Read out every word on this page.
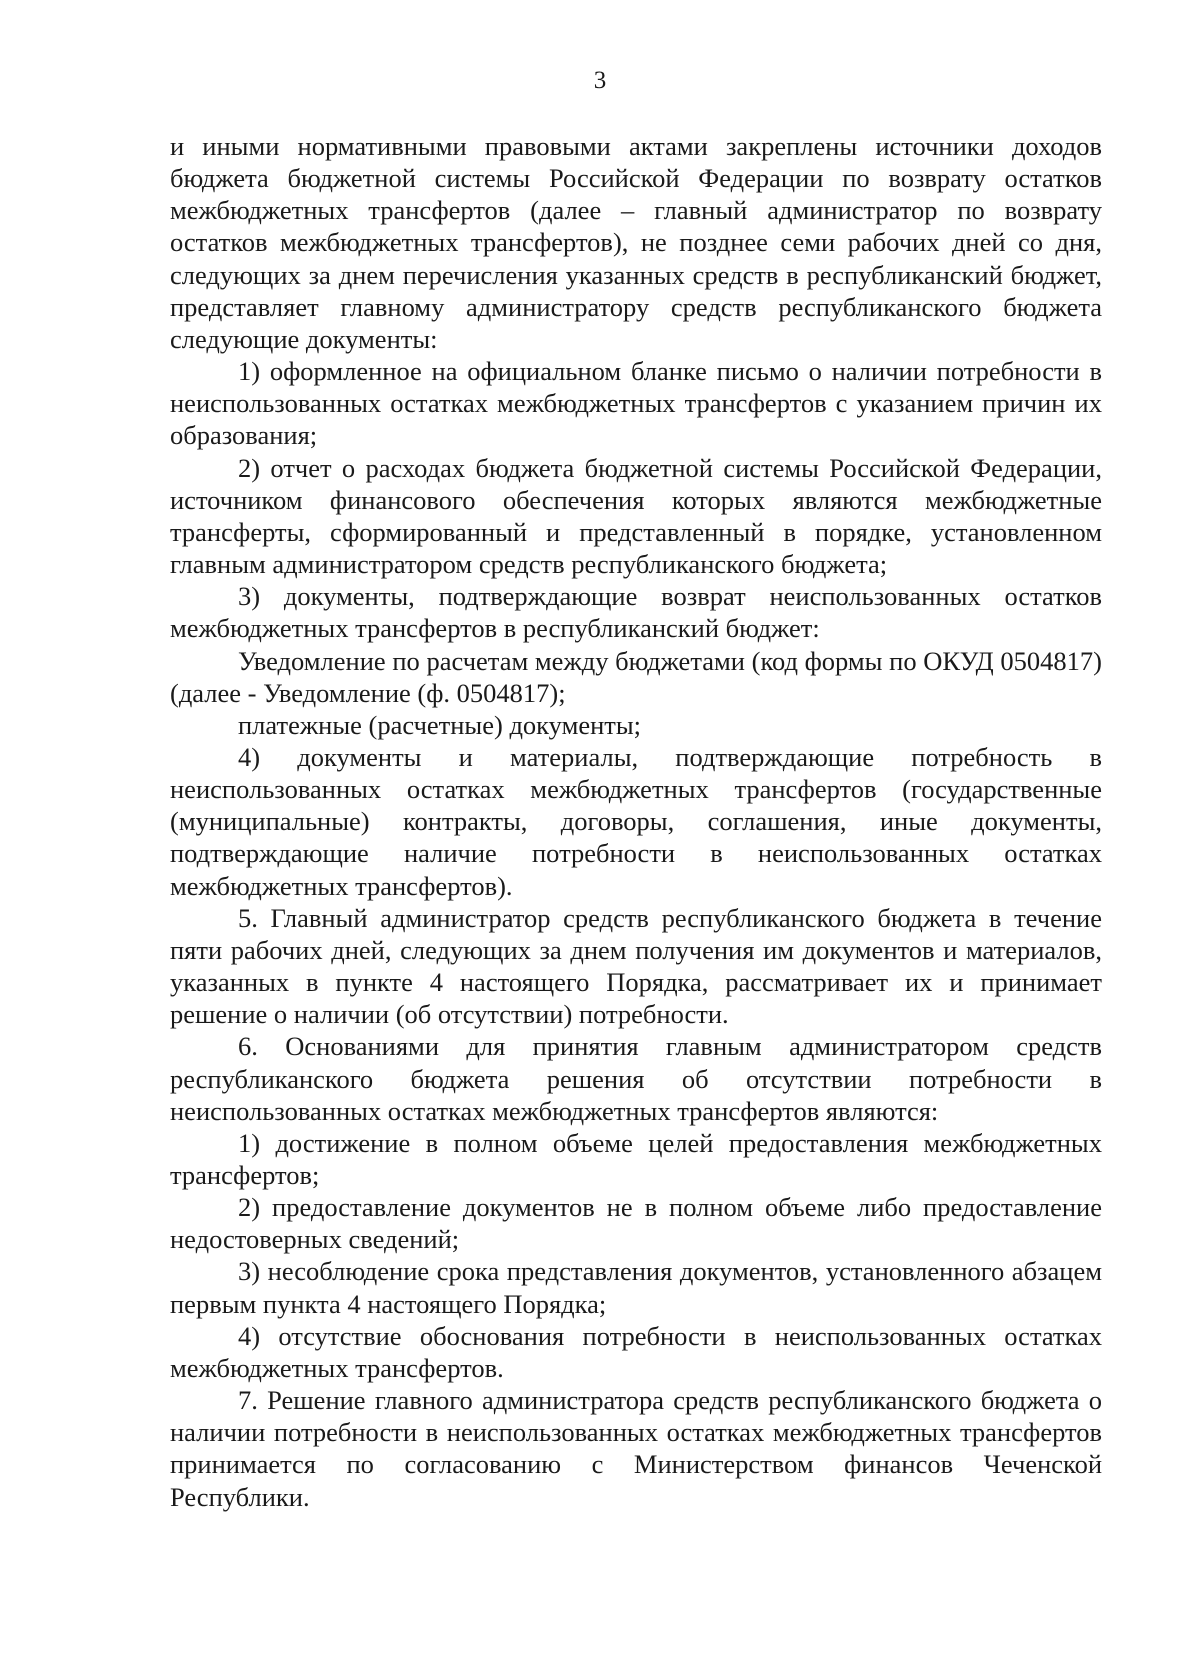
3

и иными нормативными правовыми актами закреплены источники доходов бюджета бюджетной системы Российской Федерации по возврату остатков межбюджетных трансфертов (далее – главный администратор по возврату остатков межбюджетных трансфертов), не позднее семи рабочих дней со дня, следующих за днем перечисления указанных средств в республиканский бюджет, представляет главному администратору средств республиканского бюджета следующие документы:

1) оформленное на официальном бланке письмо о наличии потребности в неиспользованных остатках межбюджетных трансфертов с указанием причин их образования;

2) отчет о расходах бюджета бюджетной системы Российской Федерации, источником финансового обеспечения которых являются межбюджетные трансферты, сформированный и представленный в порядке, установленном главным администратором средств республиканского бюджета;

3) документы, подтверждающие возврат неиспользованных остатков межбюджетных трансфертов в республиканский бюджет:

Уведомление по расчетам между бюджетами (код формы по ОКУД 0504817) (далее - Уведомление (ф. 0504817);

платежные (расчетные) документы;

4) документы и материалы, подтверждающие потребность в неиспользованных остатках межбюджетных трансфертов (государственные (муниципальные) контракты, договоры, соглашения, иные документы, подтверждающие наличие потребности в неиспользованных остатках межбюджетных трансфертов).

5. Главный администратор средств республиканского бюджета в течение пяти рабочих дней, следующих за днем получения им документов и материалов, указанных в пункте 4 настоящего Порядка, рассматривает их и принимает решение о наличии (об отсутствии) потребности.

6. Основаниями для принятия главным администратором средств республиканского бюджета решения об отсутствии потребности в неиспользованных остатках межбюджетных трансфертов являются:

1) достижение в полном объеме целей предоставления межбюджетных трансфертов;

2) предоставление документов не в полном объеме либо предоставление недостоверных сведений;

3) несоблюдение срока представления документов, установленного абзацем первым пункта 4 настоящего Порядка;

4) отсутствие обоснования потребности в неиспользованных остатках межбюджетных трансфертов.

7. Решение главного администратора средств республиканского бюджета о наличии потребности в неиспользованных остатках межбюджетных трансфертов принимается по согласованию с Министерством финансов Чеченской Республики.
